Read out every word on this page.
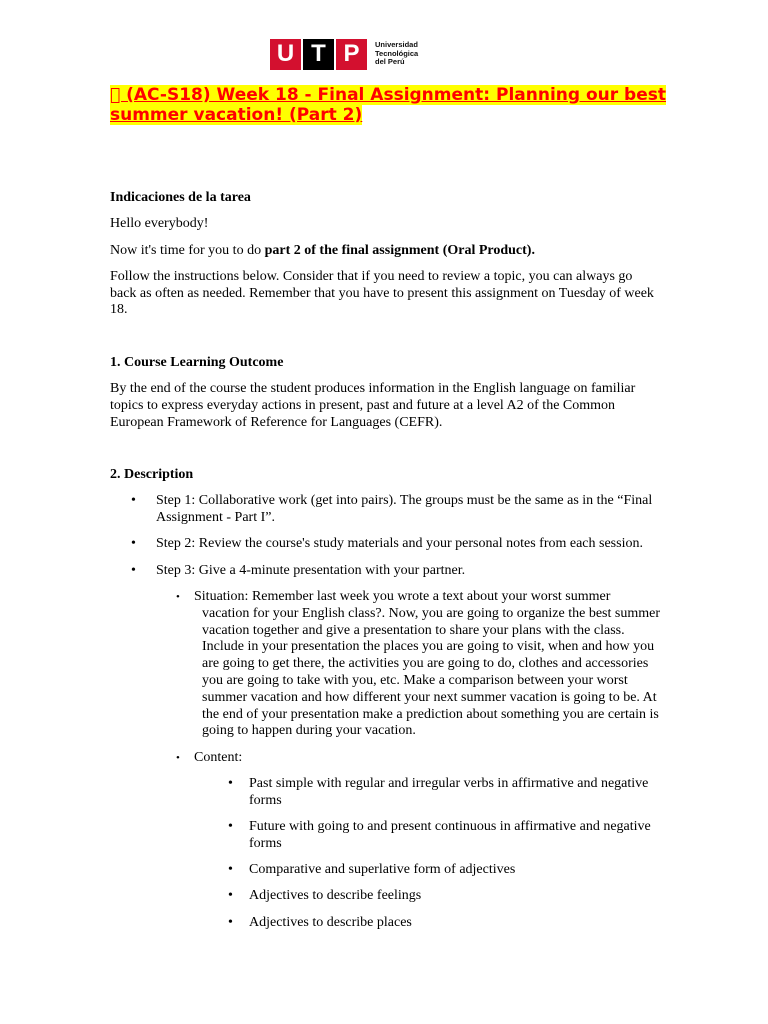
U T P	Universidad
Tecnológica
del Perú
(AC-S18) Week 18 - Final Assignment: Planning our best summer vacation! (Part 2)

Indicaciones de la tarea

Hello everybody!

Now it's time for you to do part 2 of the final assignment (Oral Product).

Follow the instructions below. Consider that if you need to review a topic, you can always go back as often as needed. Remember that you have to present this assignment on Tuesday of week 18.

1. Course Learning Outcome

By the end of the course the student produces information in the English language on familiar topics to express everyday actions in present, past and future at a level A2 of the Common European Framework of Reference for Languages (CEFR).

2. Description

• Step 1: Collaborative work (get into pairs). The groups must be the same as in the “Final Assignment - Part I”.
• Step 2: Review the course's study materials and your personal notes from each session.
• Step 3: Give a 4-minute presentation with your partner.
• Situation: Remember last week you wrote a text about your worst summer vacation for your English class?. Now, you are going to organize the best summer vacation together and give a presentation to share your plans with the class. Include in your presentation the places you are going to visit, when and how you are going to get there, the activities you are going to do, clothes and accessories you are going to take with you, etc. Make a comparison between your worst summer vacation and how different your next summer vacation is going to be. At the end of your presentation make a prediction about something you are certain is going to happen during your vacation.
• Content:
• Past simple with regular and irregular verbs in affirmative and negative forms
• Future with going to and present continuous in affirmative and negative forms
• Comparative and superlative form of adjectives
• Adjectives to describe feelings
• Adjectives to describe places
